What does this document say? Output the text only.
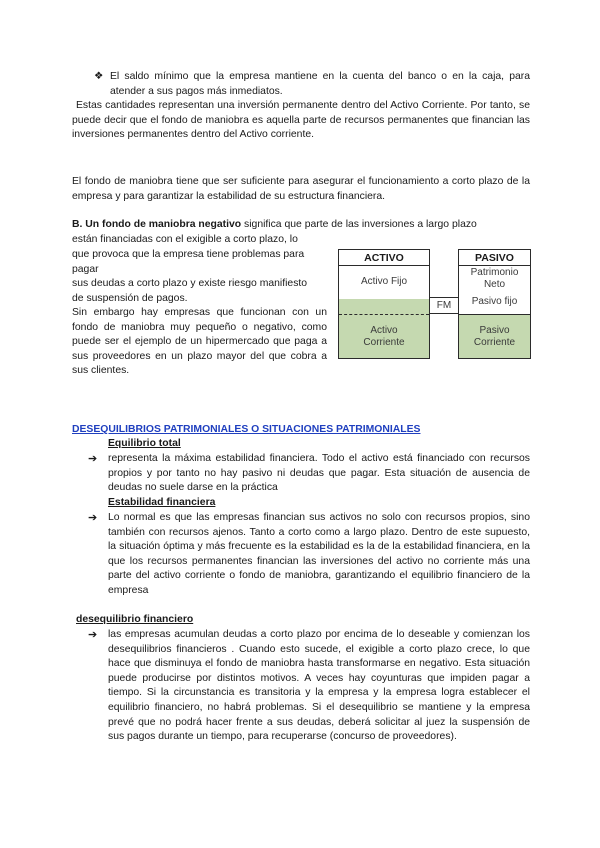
❖ El saldo mínimo que la empresa mantiene en la cuenta del banco o en la caja, para atender a sus pagos más inmediatos.

Estas cantidades representan una inversión permanente dentro del Activo Corriente. Por tanto, se puede decir que el fondo de maniobra es aquella parte de recursos permanentes que financian las inversiones permanentes dentro del Activo corriente.

El fondo de maniobra tiene que ser suficiente para asegurar el funcionamiento a corto plazo de la empresa y para garantizar la estabilidad de su estructura financiera.

B. Un fondo de maniobra negativo significa que parte de las inversiones a largo plazo

están financiadas con el exigible a corto plazo, lo

que provoca que la empresa tiene problemas para pagar

sus deudas a corto plazo y existe riesgo manifiesto

de suspensión de pagos.

Sin embargo hay empresas que funcionan con un fondo de maniobra muy pequeño o negativo, como puede ser el ejemplo de un hipermercado que paga a sus proveedores en un plazo mayor del que cobra a sus clientes.

ACTIVO
Activo Fijo
Activo Corriente
FM
PASIVO
Patrimonio Neto
Pasivo fijo
Pasivo Corriente

DESEQUILIBRIOS PATRIMONIALES O SITUACIONES PATRIMONIALES

Equilibrio total

➔	representa la máxima estabilidad financiera. Todo el activo está financiado con recursos propios y por tanto no hay pasivo ni deudas que pagar. Esta situación de ausencia de deudas no suele darse en la práctica

Estabilidad financiera

➔	Lo normal es que las empresas financian sus activos no solo con recursos propios, sino también con recursos ajenos. Tanto a corto como a largo plazo. Dentro de este supuesto, la situación óptima y más frecuente es la estabilidad es la de la estabilidad financiera, en la que los recursos permanentes financian las inversiones del activo no corriente más una parte del activo corriente o fondo de maniobra, garantizando el equilibrio financiero de la empresa

desequilibrio financiero

➔	las empresas acumulan deudas a corto plazo por encima de lo deseable y comienzan los desequilibrios financieros . Cuando esto sucede, el exigible a corto plazo crece, lo que hace que disminuya el fondo de maniobra hasta transformarse en negativo. Esta situación puede producirse por distintos motivos. A veces hay coyunturas que impiden pagar a tiempo. Si la circunstancia es transitoria y la empresa y la empresa logra establecer el equilibrio financiero, no habrá problemas. Si el desequilibrio se mantiene y la empresa prevé que no podrá hacer frente a sus deudas, deberá solicitar al juez la suspensión de sus pagos durante un tiempo, para recuperarse (concurso de proveedores).
